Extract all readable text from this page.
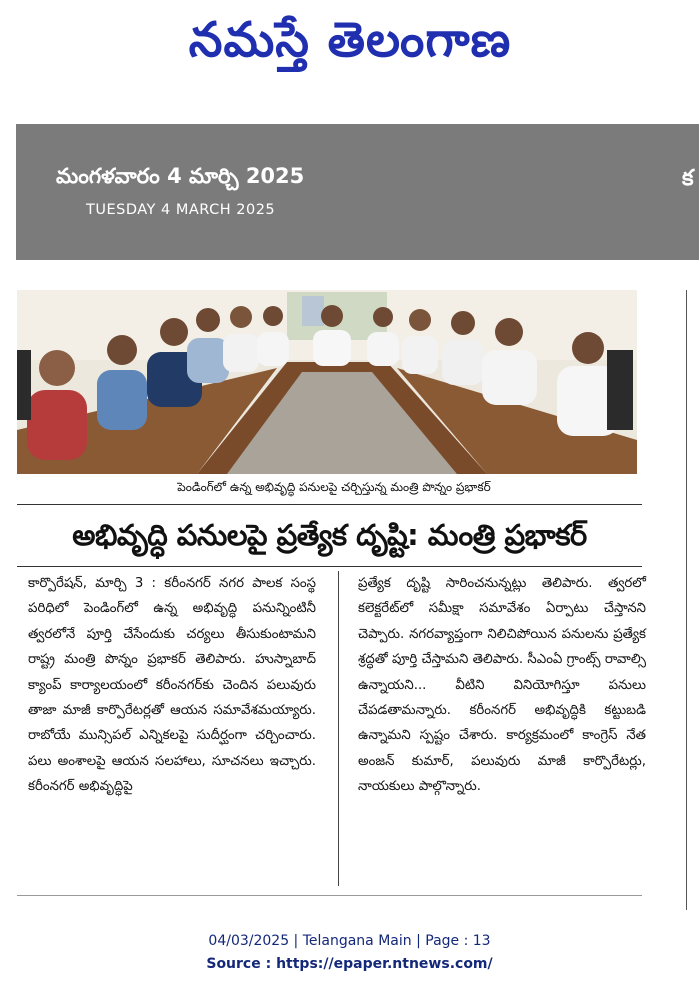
నమస్తే తెలంగాణ
మంగళవారం 4 మార్చి 2025
TUESDAY 4 MARCH 2025
క
పెండింగ్‌లో ఉన్న అభివృద్ధి పనులపై చర్చిస్తున్న మంత్రి పొన్నం ప్రభాకర్
అభివృద్ధి పనులపై ప్రత్యేక దృష్టి: మంత్రి ప్రభాకర్
కార్పొరేషన్, మార్చి 3 : కరీంనగర్ నగర పాలక సంస్థ పరిధిలో పెండింగ్‌లో ఉన్న అభివృద్ధి పనున్నింటినీ త్వరలోనే పూర్తి చేసేందుకు చర్యలు తీసుకుంటామని రాష్ట్ర మంత్రి పొన్నం ప్రభాకర్ తెలిపారు. హుస్నాబాద్ క్యాంప్ కార్యాలయంలో కరీంనగర్‌కు చెందిన పలువురు తాజా మాజీ కార్పొరేటర్లతో ఆయన సమావేశమయ్యారు. రాబోయే మున్సిపల్ ఎన్నికలపై సుదీర్ఘంగా చర్చించారు. పలు అంశాలపై ఆయన సలహాలు, సూచనలు ఇచ్చారు. కరీంనగర్ అభివృద్ధిపై
ప్రత్యేక దృష్టి సారించనున్నట్లు తెలిపారు. త్వరలో కలెక్టరేట్‌లో సమీక్షా సమావేశం ఏర్పాటు చేస్తానని చెప్పారు. నగరవ్యాప్తంగా నిలిచిపోయిన పనులను ప్రత్యేక శ్రద్ధతో పూర్తి చేస్తామని తెలిపారు. సీఎంఏ గ్రాంట్స్ రావాల్సి ఉన్నాయని... వీటిని వినియోగిస్తూ పనులు చేపడతామన్నారు. కరీంనగర్ అభివృద్ధికి కట్టుబడి ఉన్నామని స్పష్టం చేశారు. కార్యక్రమంలో కాంగ్రెస్ నేత అంజన్ కుమార్, పలువురు మాజీ కార్పొరేటర్లు, నాయకులు పాల్గొన్నారు.
04/03/2025 | Telangana Main | Page : 13
Source : https://epaper.ntnews.com/
